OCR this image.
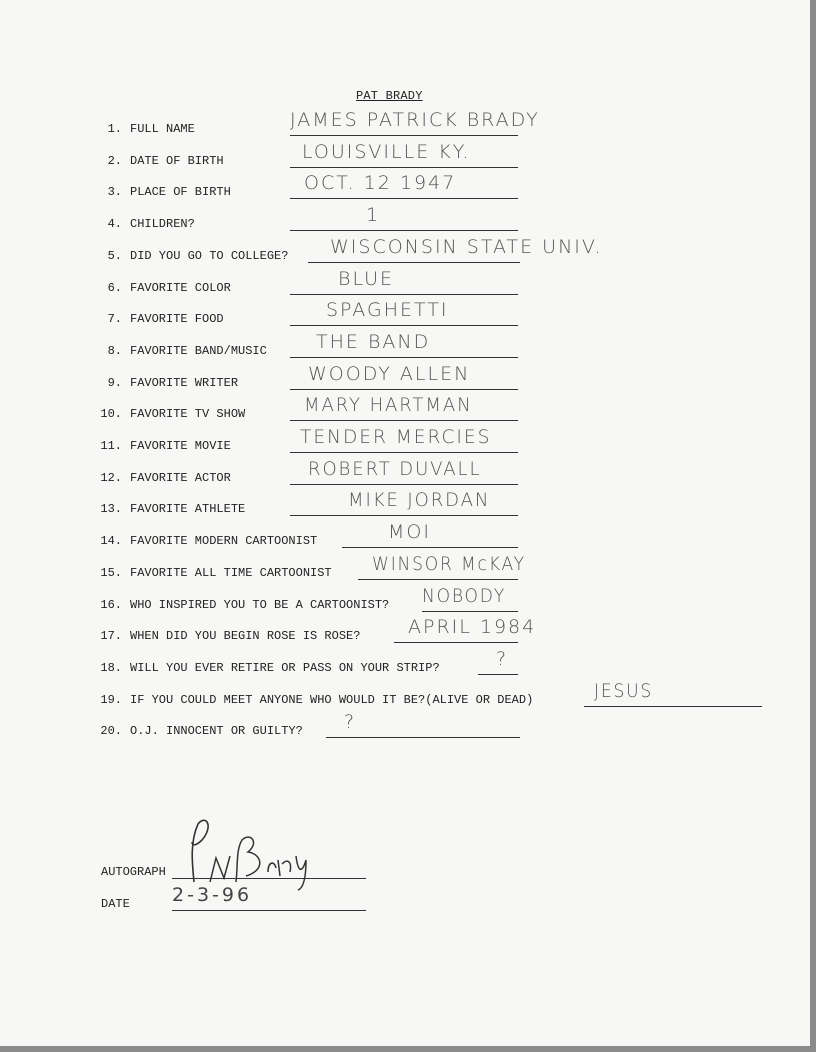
PAT BRADY
1. FULL NAME	JAMES PATRICK BRADY
2. DATE OF BIRTH	LOUISVILLE KY.
3. PLACE OF BIRTH	OCT. 12 1947
4. CHILDREN?	1
5. DID YOU GO TO COLLEGE? WISCONSIN STATE UNIV.
6. FAVORITE COLOR	BLUE
7. FAVORITE FOOD	SPAGHETTI
8. FAVORITE BAND/MUSIC	THE BAND
9. FAVORITE WRITER	WOODY ALLEN
10. FAVORITE TV SHOW	MARY HARTMAN
11. FAVORITE MOVIE	TENDER MERCIES
12. FAVORITE ACTOR	ROBERT DUVALL
13. FAVORITE ATHLETE	MIKE JORDAN
14. FAVORITE MODERN CARTOONIST	MOI
15. FAVORITE ALL TIME CARTOONIST WINSOR McKAY
16. WHO INSPIRED YOU TO BE A CARTOONIST? NOBODY
17. WHEN DID YOU BEGIN ROSE IS ROSE?	APRIL 1984
18. WILL YOU EVER RETIRE OR PASS ON YOUR STRIP?	?
19. IF YOU COULD MEET ANYONE WHO WOULD IT BE?(ALIVE OR DEAD)	JESUS
20. O.J. INNOCENT OR GUILTY? ?
AUTOGRAPH
DATE 2-3-96
